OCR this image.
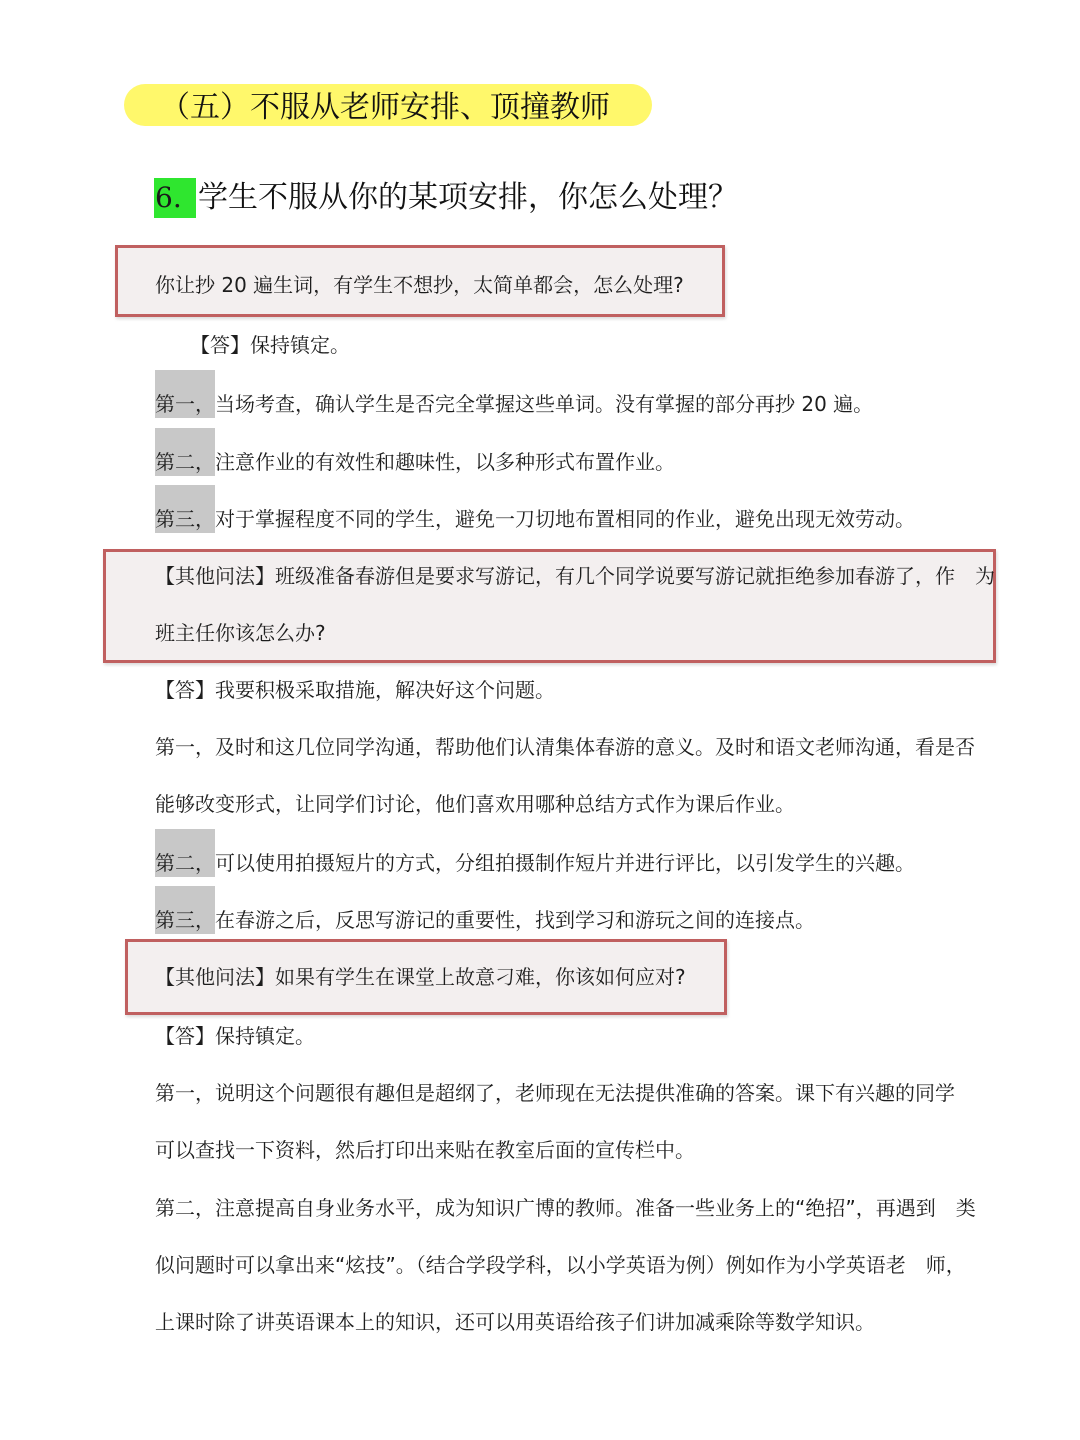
（五）不服从老师安排、顶撞教师
6. 学生不服从你的某项安排，你怎么处理？
你让抄 20 遍生词，有学生不想抄，太简单都会，怎么处理?
【答】保持镇定。
第一，当场考查，确认学生是否完全掌握这些单词。没有掌握的部分再抄 20 遍。
第二，注意作业的有效性和趣味性，以多种形式布置作业。
第三，对于掌握程度不同的学生，避免一刀切地布置相同的作业，避免出现无效劳动。
【其他问法】班级准备春游但是要求写游记，有几个同学说要写游记就拒绝参加春游了，作　为
班主任你该怎么办?
【答】我要积极采取措施，解决好这个问题。
第一，及时和这几位同学沟通，帮助他们认清集体春游的意义。及时和语文老师沟通，看是否
能够改变形式，让同学们讨论，他们喜欢用哪种总结方式作为课后作业。
第二，可以使用拍摄短片的方式，分组拍摄制作短片并进行评比，以引发学生的兴趣。
第三，在春游之后，反思写游记的重要性，找到学习和游玩之间的连接点。
【其他问法】如果有学生在课堂上故意刁难，你该如何应对?
【答】保持镇定。
第一，说明这个问题很有趣但是超纲了，老师现在无法提供准确的答案。课下有兴趣的同学
可以查找一下资料，然后打印出来贴在教室后面的宣传栏中。
第二，注意提高自身业务水平，成为知识广博的教师。准备一些业务上的“绝招”，再遇到　类
似问题时可以拿出来“炫技”。（结合学段学科，以小学英语为例）例如作为小学英语老　师，
上课时除了讲英语课本上的知识，还可以用英语给孩子们讲加减乘除等数学知识。
